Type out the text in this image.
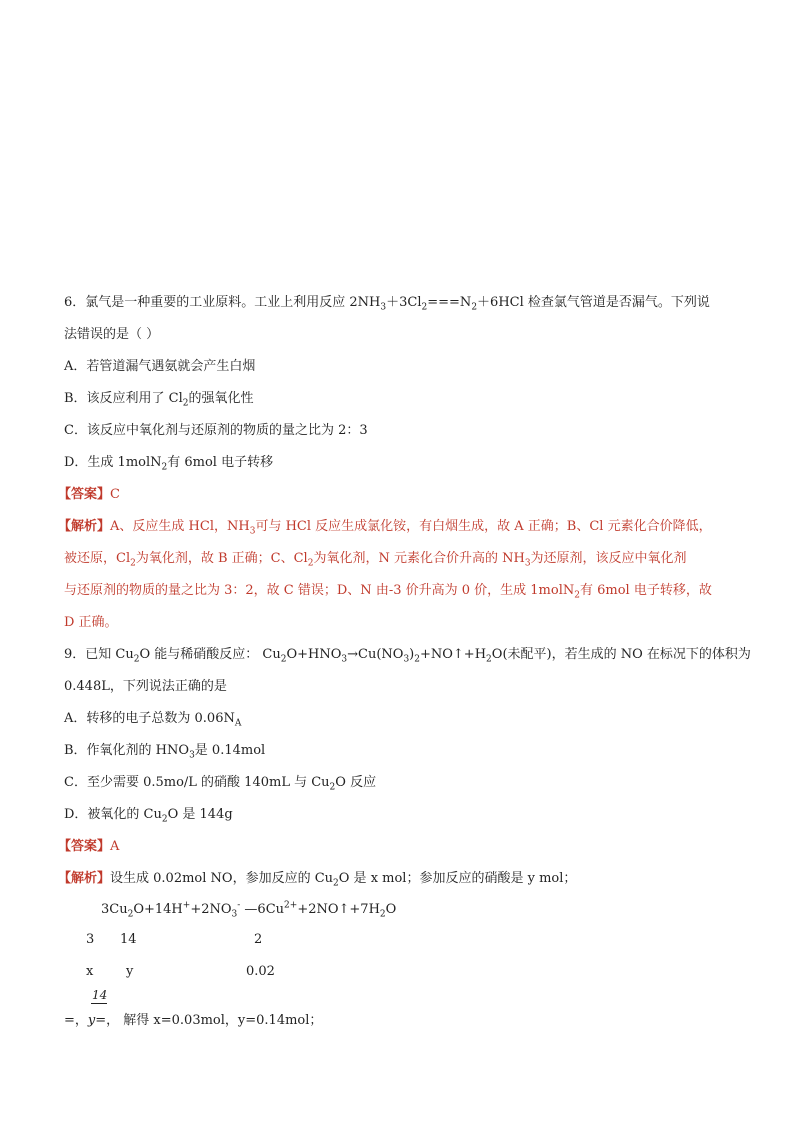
6．氯气是一种重要的工业原料。工业上利用反应 $2NH_3+3Cl_2===N_2+6HCl$ 检查氯气管道是否漏气。下列说
法错误的是（ ）
A．若管道漏气遇氨就会产生白烟
B．该反应利用了 $Cl_2$的强氧化性
C．该反应中氧化剂与还原剂的物质的量之比为 2：3
D．生成 1molN$_2$有 6mol 电子转移
【答案】C
【解析】A、反应生成 HCl，$NH_3$可与 HCl 反应生成氯化铵，有白烟生成，故 A 正确；B、Cl 元素化合价降低，
被还原，$Cl_2$为氧化剂，故 B 正确；C、$Cl_2$为氧化剂，N 元素化合价升高的 $NH_3$为还原剂，该反应中氧化剂
与还原剂的物质的量之比为 3：2，故 C 错误；D、N 由-3 价升高为 0 价，生成 1molN$_2$有 6mol 电子转移，故
D 正确。
9．已知 $Cu_2O$ 能与稀硝酸反应： $Cu_2O+HNO_3\to Cu(NO_3)_2+NO↑+H_2O$(未配平)，若生成的 NO 在标况下的体积为
0.448L，下列说法正确的是
A．转移的电子总数为 $0.06N_A$
B．作氧化剂的 $HNO_3$是 0.14mol
C．至少需要 0.5mo/L 的硝酸 140mL 与 $Cu_2O$ 反应
D．被氧化的 $Cu_2O$ 是 144g
【答案】A
【解析】设生成 0.02mol NO，参加反应的 $Cu_2O$ 是 x mol；参加反应的硝酸是 y mol；
$3Cu_2O+14H^++2NO_3^-$ $—6Cu^{2+}+2NO↑+7H_2O$
3 14	2
x	y	0.02
14
=，y=， 解得 x=0.03mol，y=0.14mol；
